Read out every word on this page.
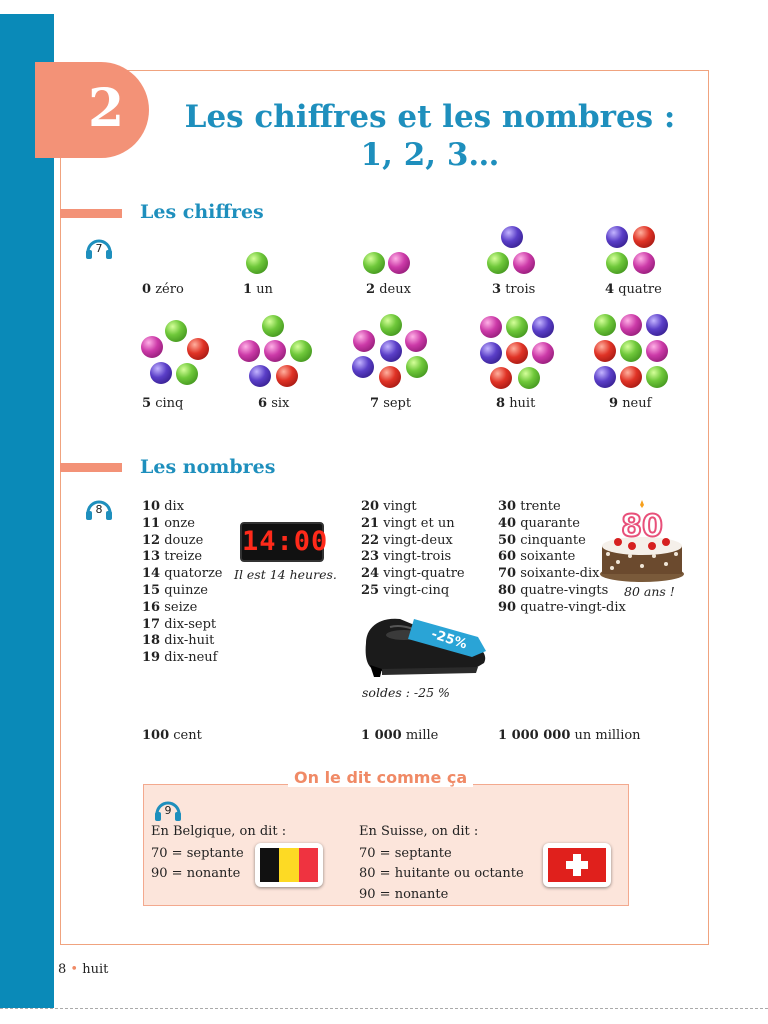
2	Les chiffres et les nombres :
1, 2, 3…
Les chiffres
7
0 zéro	1 un	2 deux	3 trois	4 quatre
5 cinq	6 six	7 sept	8 huit	9 neuf
Les nombres
8	10 dix
11 onze
12 douze
13 treize
14 quatorze
15 quinze
16 seize
17 dix-sept
18 dix-huit
19 dix-neuf
14:00
Il est 14 heures.
20 vingt
21 vingt et un
22 vingt-deux
23 vingt-trois
24 vingt-quatre
25 vingt-cinq
-25%
soldes : -25 %
30 trente
40 quarante
50 cinquante
60 soixante
70 soixante-dix
80 quatre-vingts
90 quatre-vingt-dix
80
80 ans !
100 cent	1 000 mille	1 000 000 un million
On le dit comme ça
9
En Belgique, on dit :
70 = septante
90 = nonante
En Suisse, on dit :
70 = septante
80 = huitante ou octante
90 = nonante
8 • huit
